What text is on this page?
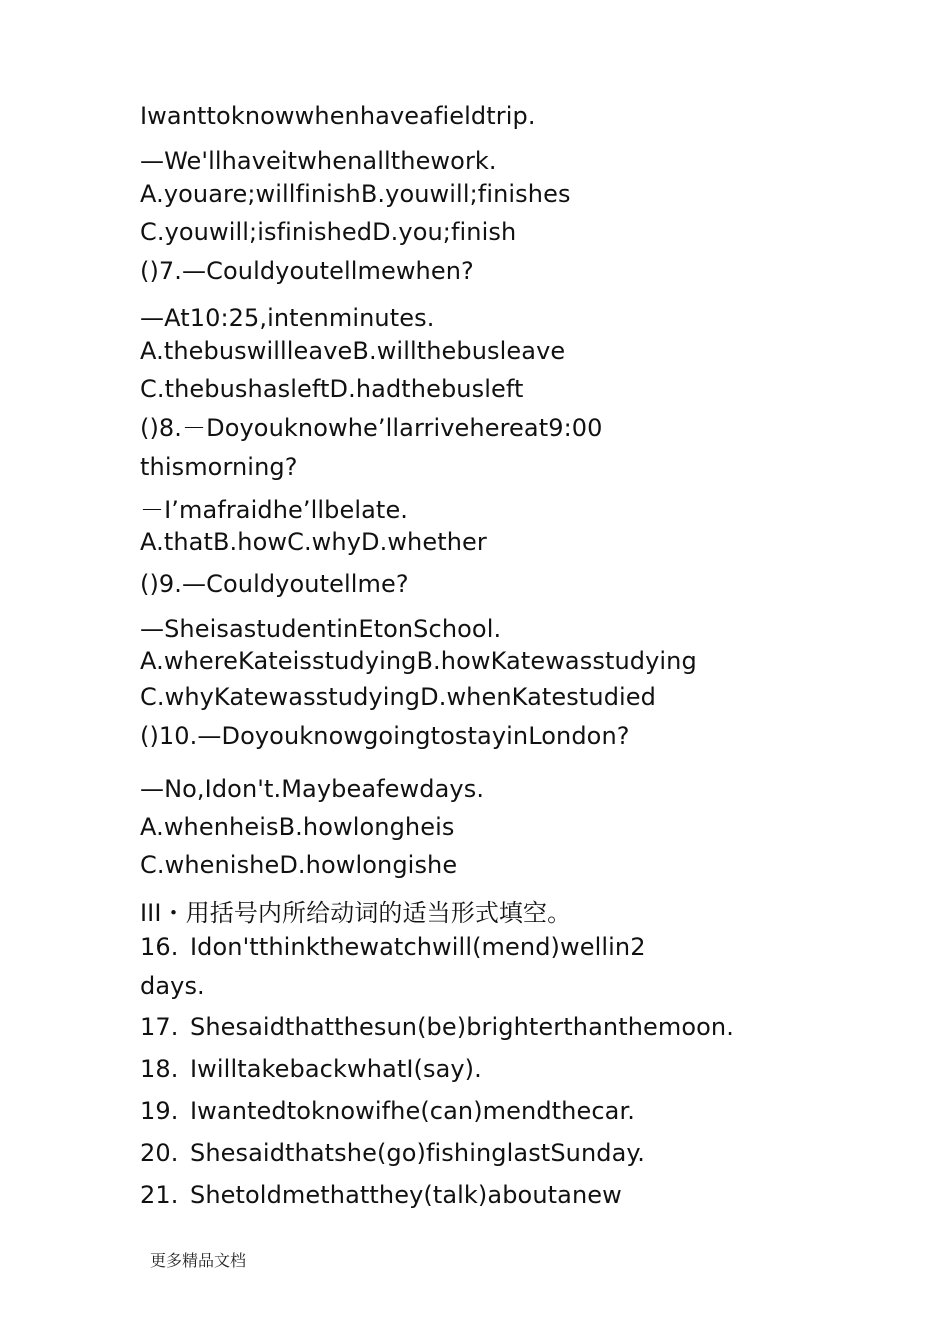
Iwanttoknowwhenhaveafieldtrip.
—We'llhaveitwhenallthework.
A.youare;willfinishB.youwill;finishes
C.youwill;isfinishedD.you;finish
()7.—Couldyoutellmewhen?
—At10:25,intenminutes.
A.thebuswillleaveB.willthebusleave
C.thebushasleftD.hadthebusleft
()8.－Doyouknowhe’llarrivehereat9:00
thismorning?
－I’mafraidhe’llbelate.
A.thatB.howC.whyD.whether
()9.—Couldyoutellme?
—SheisastudentinEtonSchool.
A.whereKateisstudyingB.howKatewasstudying
C.whyKatewasstudyingD.whenKatestudied
()10.—DoyouknowgoingtostayinLondon?
—No,Idon't.Maybeafewdays.
A.whenheisB.howlongheis
C.whenisheD.howlongishe
III・用括号内所给动词的适当形式填空。
16. Idon'tthinkthewatchwill(mend)wellin2
days.
17. Shesaidthatthesun(be)brighterthanthemoon.
18. IwilltakebackwhatI(say).
19. Iwantedtoknowifhe(can)mendthecar.
20. Shesaidthatshe(go)fishinglastSunday.
21. Shetoldmethatthey(talk)aboutanew
更多精品文档
